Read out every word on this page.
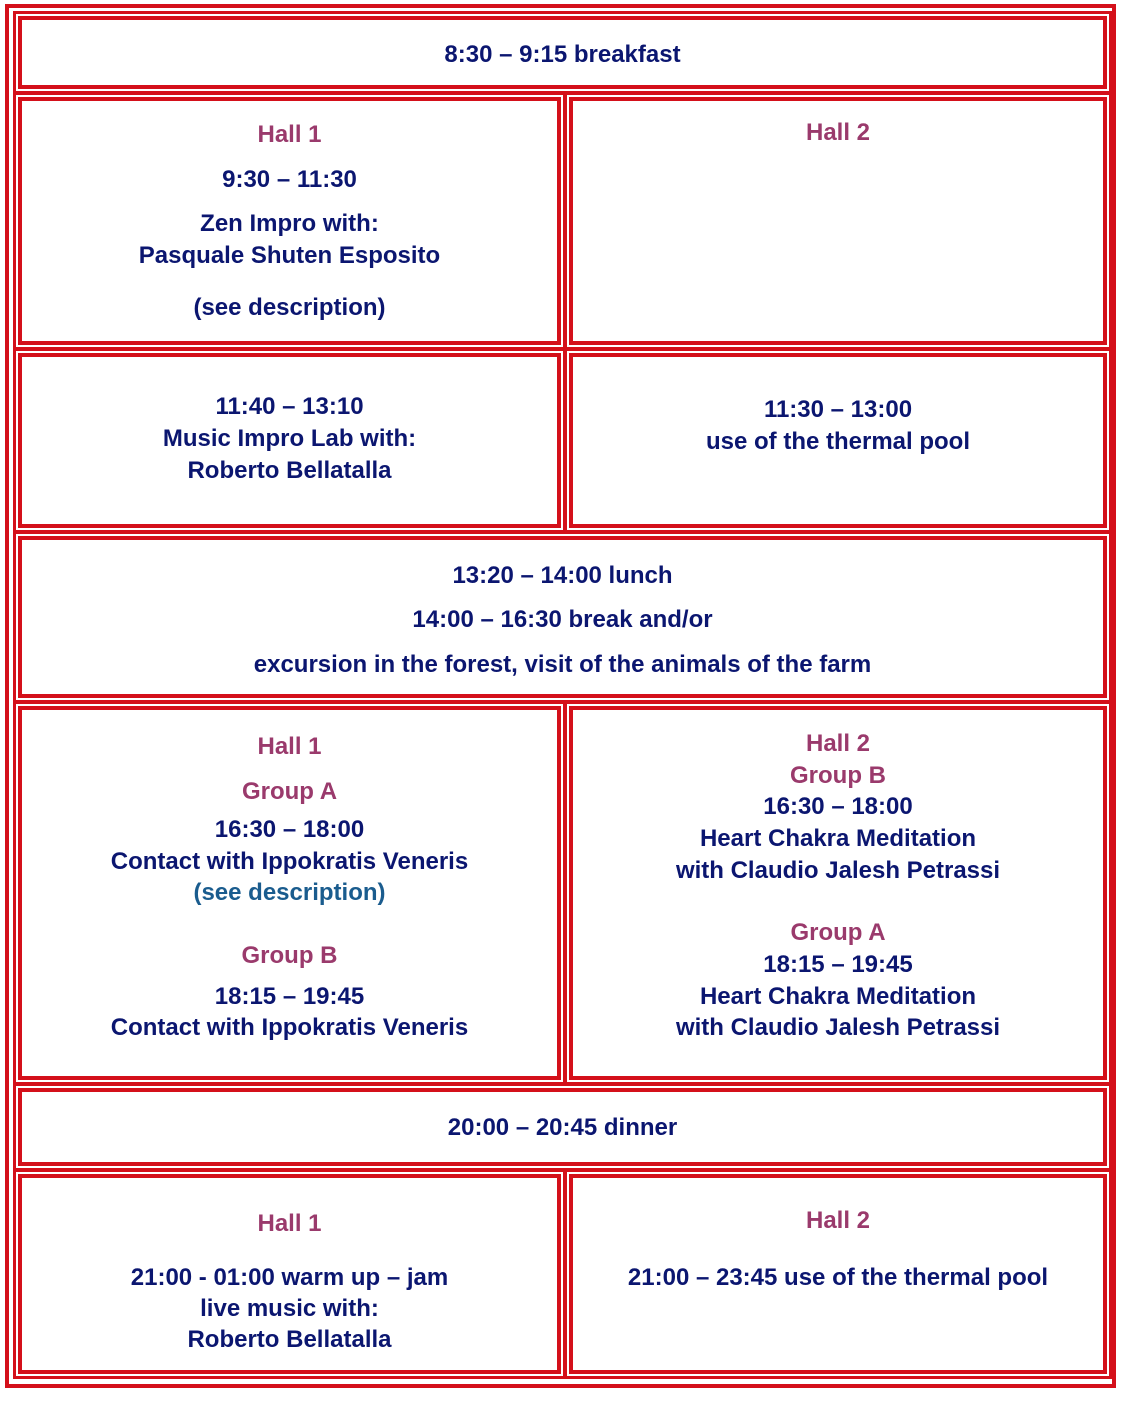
8:30 – 9:15 breakfast
Hall 1
9:30 – 11:30
Zen Impro with:
Pasquale Shuten Esposito
(see description)
Hall 2
11:40 – 13:10
Music Impro Lab with:
Roberto Bellatalla
11:30 – 13:00
use of the thermal pool
13:20 – 14:00 lunch
14:00 – 16:30 break and/or
excursion in the forest, visit of the animals of the farm
Hall 1
Group A
16:30 – 18:00
Contact with Ippokratis Veneris
(see description)
Group B
18:15 – 19:45
Contact with Ippokratis Veneris
Hall 2
Group B
16:30 – 18:00
Heart Chakra Meditation
with Claudio Jalesh Petrassi
Group A
18:15 – 19:45
Heart Chakra Meditation
with Claudio Jalesh Petrassi
20:00 – 20:45 dinner
Hall 1
21:00 - 01:00 warm up – jam
live music with:
Roberto Bellatalla
Hall 2
21:00 – 23:45 use of the thermal pool
